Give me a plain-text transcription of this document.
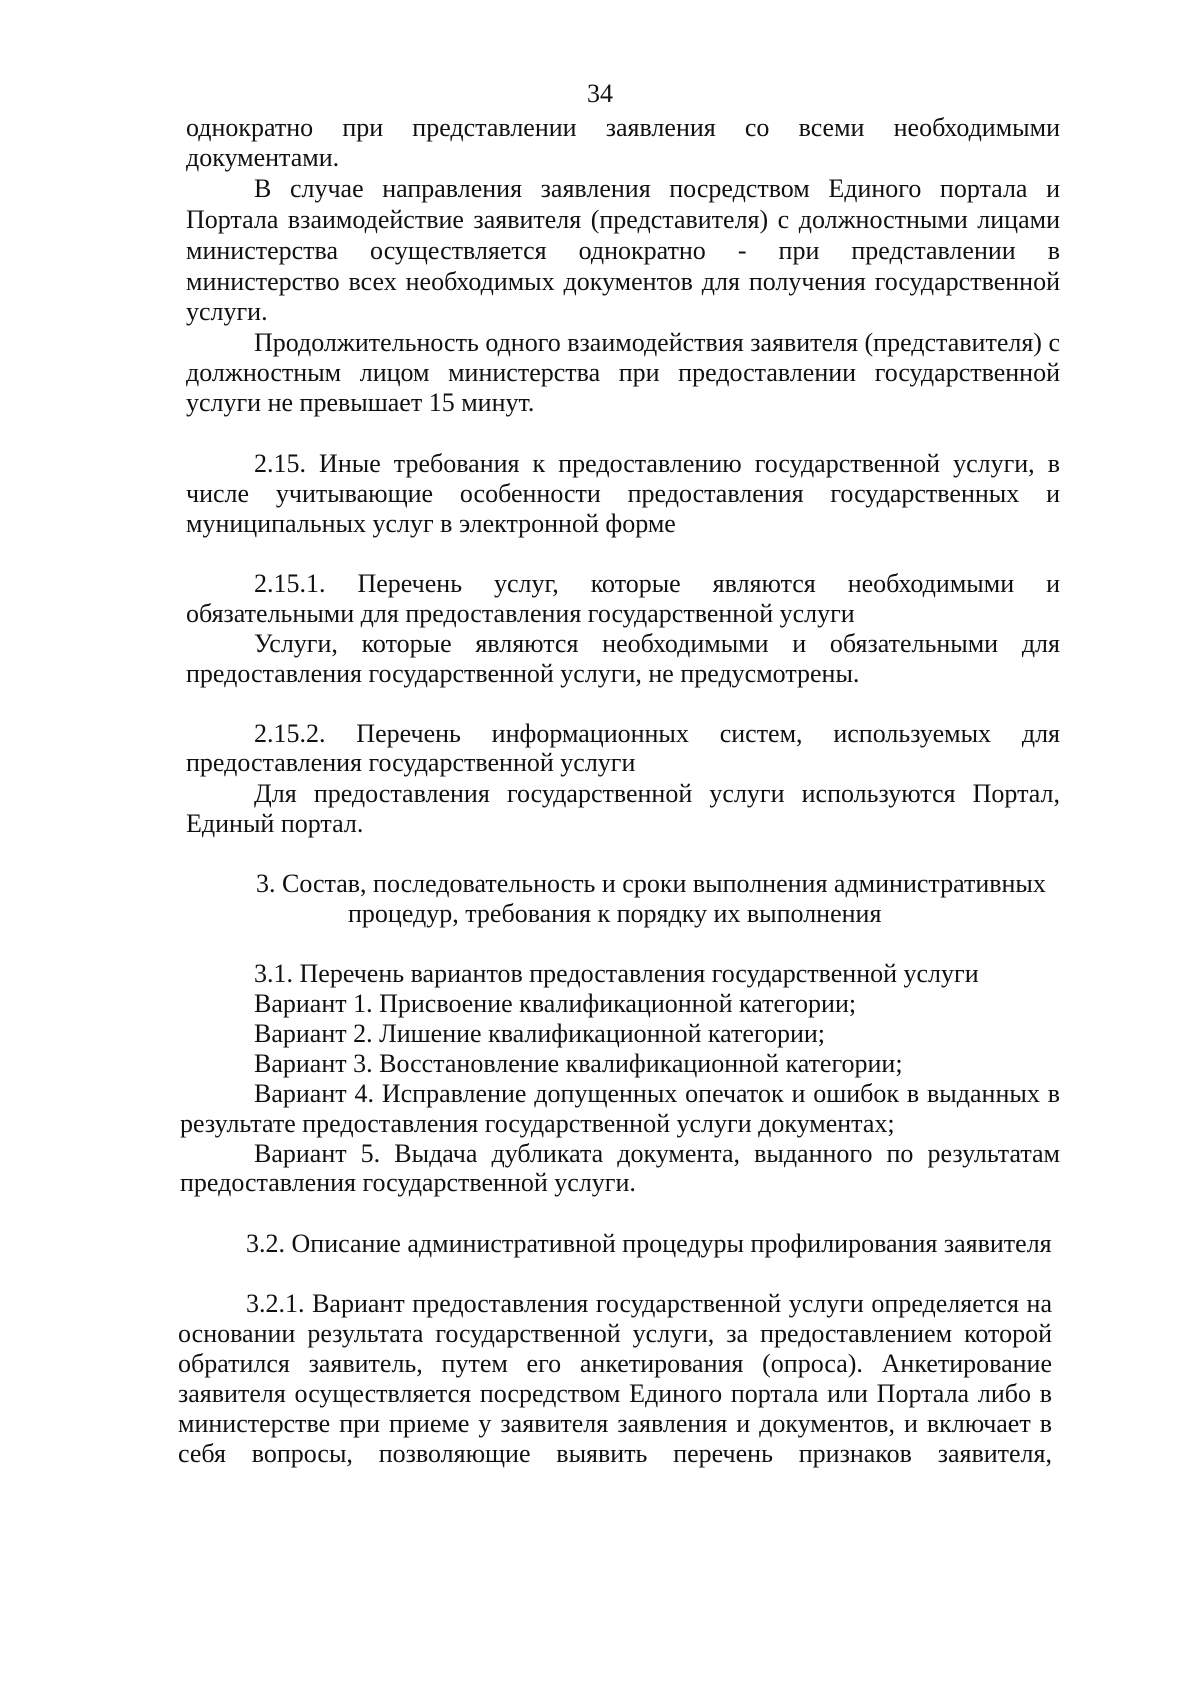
34
однократно при представлении заявления со всеми необходимыми
документами.
В случае направления заявления посредством Единого портала и
Портала взаимодействие заявителя (представителя) с должностными лицами
министерства осуществляется однократно - при представлении в
министерство всех необходимых документов для получения государственной
услуги.
Продолжительность одного взаимодействия заявителя (представителя) с
должностным лицом министерства при предоставлении государственной
услуги не превышает 15 минут.
2.15. Иные требования к предоставлению государственной услуги, в
числе учитывающие особенности предоставления государственных и
муниципальных услуг в электронной форме
2.15.1. Перечень услуг, которые являются необходимыми и
обязательными для предоставления государственной услуги
Услуги, которые являются необходимыми и обязательными для
предоставления государственной услуги, не предусмотрены.
2.15.2. Перечень информационных систем, используемых для
предоставления государственной услуги
Для предоставления государственной услуги используются Портал,
Единый портал.
3. Состав, последовательность и сроки выполнения административных
процедур, требования к порядку их выполнения
3.1. Перечень вариантов предоставления государственной услуги
Вариант 1. Присвоение квалификационной категории;
Вариант 2. Лишение квалификационной категории;
Вариант 3. Восстановление квалификационной категории;
Вариант 4. Исправление допущенных опечаток и ошибок в выданных в
результате предоставления государственной услуги документах;
Вариант 5. Выдача дубликата документа, выданного по результатам
предоставления государственной услуги.
3.2. Описание административной процедуры профилирования заявителя
3.2.1. Вариант предоставления государственной услуги определяется на
основании результата государственной услуги, за предоставлением которой
обратился заявитель, путем его анкетирования (опроса). Анкетирование
заявителя осуществляется посредством Единого портала или Портала либо в
министерстве при приеме у заявителя заявления и документов, и включает в
себя вопросы, позволяющие выявить перечень признаков заявителя,
